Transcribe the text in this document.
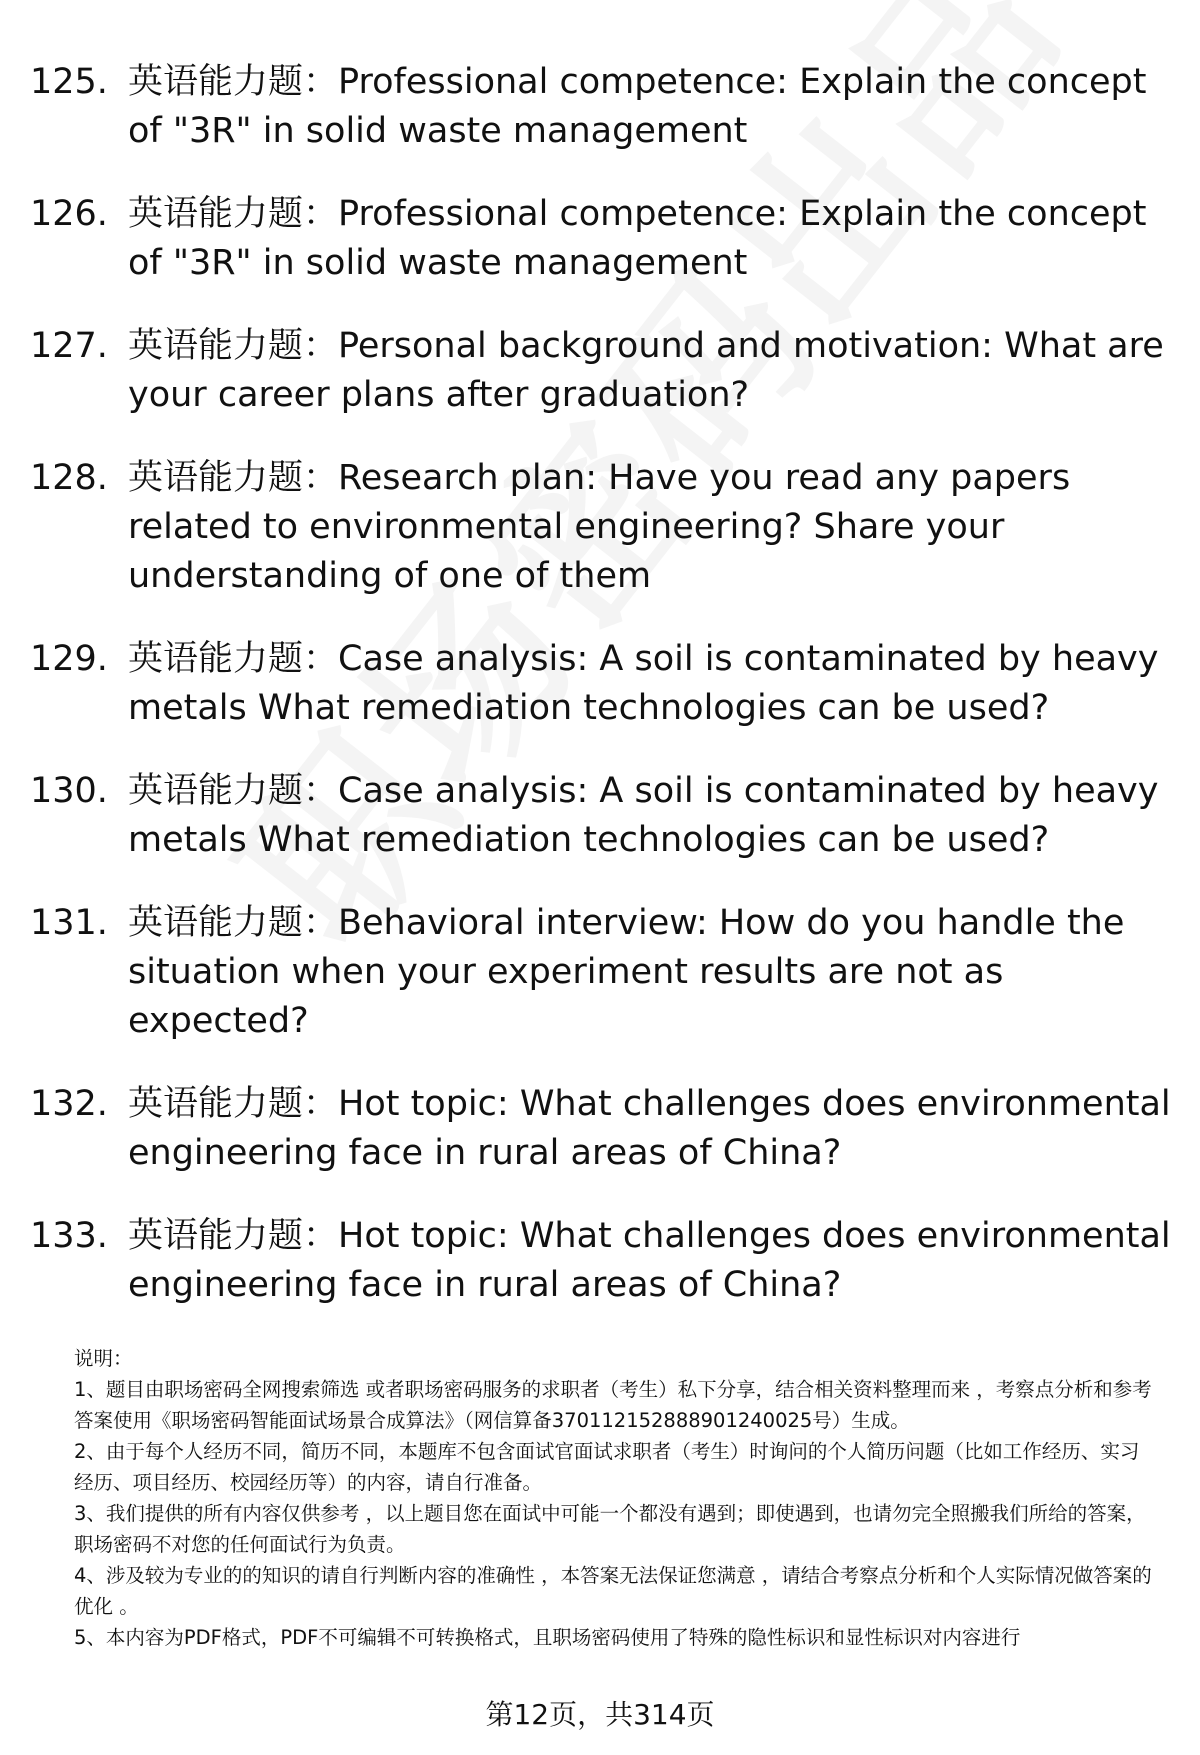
125. 英语能力题：Professional competence: Explain the concept of "3R" in solid waste management
126. 英语能力题：Professional competence: Explain the concept of "3R" in solid waste management
127. 英语能力题：Personal background and motivation: What are your career plans after graduation?
128. 英语能力题：Research plan: Have you read any papers related to environmental engineering? Share your understanding of one of them
129. 英语能力题：Case analysis: A soil is contaminated by heavy metals What remediation technologies can be used?
130. 英语能力题：Case analysis: A soil is contaminated by heavy metals What remediation technologies can be used?
131. 英语能力题：Behavioral interview: How do you handle the situation when your experiment results are not as expected?
132. 英语能力题：Hot topic: What challenges does environmental engineering face in rural areas of China?
133. 英语能力题：Hot topic: What challenges does environmental engineering face in rural areas of China?

说明：

1、题目由职场密码全网搜索筛选 或者职场密码服务的求职者（考生）私下分享，结合相关资料整理而来 ，考察点分析和参考答案使用《职场密码智能面试场景合成算法》（网信算备370112152888901240025号）生成。

2、由于每个人经历不同，简历不同，本题库不包含面试官面试求职者（考生）时询问的个人简历问题（比如工作经历、实习经历、项目经历、校园经历等）的内容，请自行准备。

3、我们提供的所有内容仅供参考 ，以上题目您在面试中可能一个都没有遇到；即使遇到，也请勿完全照搬我们所给的答案，职场密码不对您的任何面试行为负责。

4、涉及较为专业的的知识的请自行判断内容的准确性 ，本答案无法保证您满意 ，请结合考察点分析和个人实际情况做答案的优化 。

5、本内容为PDF格式，PDF不可编辑不可转换格式，且职场密码使用了特殊的隐性标识和显性标识对内容进行

第12页，共314页
